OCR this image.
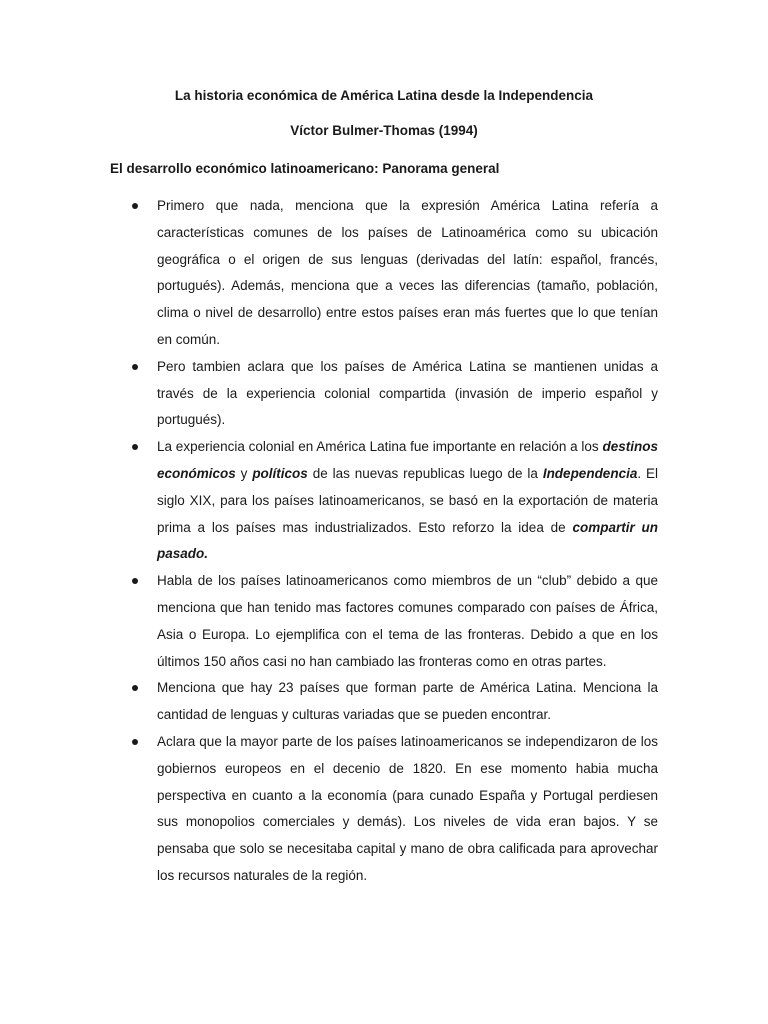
La historia económica de América Latina desde la Independencia
Víctor Bulmer-Thomas (1994)
El desarrollo económico latinoamericano: Panorama general
Primero que nada, menciona que la expresión América Latina refería a características comunes de los países de Latinoamérica como su ubicación geográfica o el origen de sus lenguas (derivadas del latín: español, francés, portugués). Además, menciona que a veces las diferencias (tamaño, población, clima o nivel de desarrollo) entre estos países eran más fuertes que lo que tenían en común.
Pero tambien aclara que los países de América Latina se mantienen unidas a través de la experiencia colonial compartida (invasión de imperio español y portugués).
La experiencia colonial en América Latina fue importante en relación a los destinos económicos y políticos de las nuevas republicas luego de la Independencia. El siglo XIX, para los países latinoamericanos, se basó en la exportación de materia prima a los países mas industrializados. Esto reforzo la idea de compartir un pasado.
Habla de los países latinoamericanos como miembros de un “club” debido a que menciona que han tenido mas factores comunes comparado con países de África, Asia o Europa. Lo ejemplifica con el tema de las fronteras. Debido a que en los últimos 150 años casi no han cambiado las fronteras como en otras partes.
Menciona que hay 23 países que forman parte de América Latina. Menciona la cantidad de lenguas y culturas variadas que se pueden encontrar.
Aclara que la mayor parte de los países latinoamericanos se independizaron de los gobiernos europeos en el decenio de 1820. En ese momento habia mucha perspectiva en cuanto a la economía (para cunado España y Portugal perdiesen sus monopolios comerciales y demás). Los niveles de vida eran bajos. Y se pensaba que solo se necesitaba capital y mano de obra calificada para aprovechar los recursos naturales de la región.
